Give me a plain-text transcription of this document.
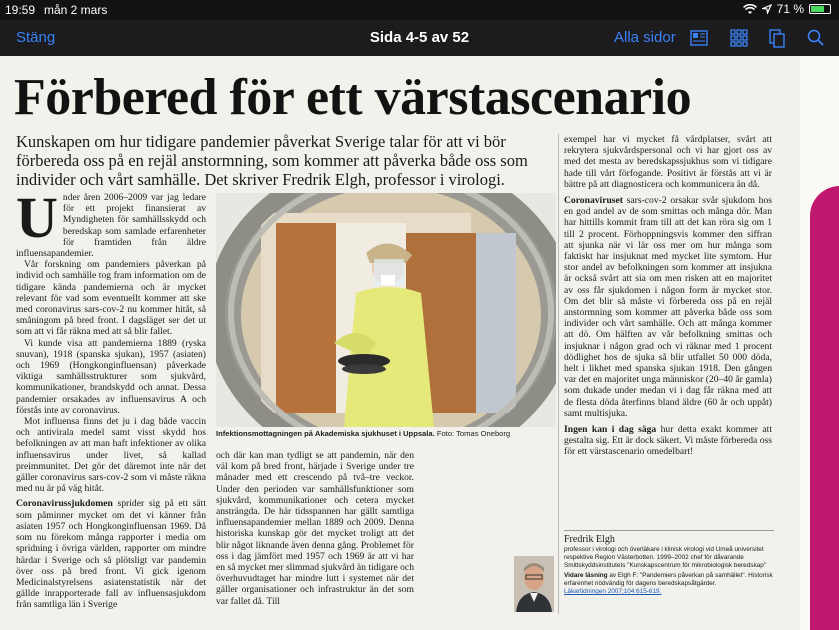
19:59 mån 2 mars	71 %
Stäng	Sida 4-5 av 52	Alla sidor
Förbered för ett värstascenario
Kunskapen om hur tidigare pandemier påverkat Sverige talar för att vi bör förbereda oss på en rejäl anstormning, som kommer att påverka både oss som individer och vårt samhälle. Det skriver Fredrik Elgh, professor i virologi.
U nder åren 2006–2009 var jag ledare för ett projekt finansierat av Myndigheten för samhällsskydd och beredskap som samlade erfarenheter för framtiden från äldre influensapandemier.

Vår forskning om pandemiers påverkan på individ och samhälle tog fram information om de tidigare kända pandemierna och är mycket relevant för vad som eventuellt kommer att ske med coronavirus sars-cov-2 nu kommer hitåt, så småningom på bred front. I dagsläget ser det ut som att vi får räkna med att så blir fallet.

Vi kunde visa att pandemierna 1889 (ryska snuvan), 1918 (spanska sjukan), 1957 (asiaten) och 1969 (Hongkonginfluensan) påverkade viktiga samhällsstrukturer som sjukvård, kommunikationer, brandskydd och annat. Dessa pandemier orsakades av influensavirus A och förstås inte av coronavirus.

Mot influensa finns det ju i dag både vaccin och antivirala medel samt visst skydd hos befolkningen av att man haft infektioner av olika influensavirus under livet, så kallad preimmunitet. Det gör det däremot inte när det gäller coronavirus sars-cov-2 som vi måste räkna med nu är på väg hitåt.

Coronavirussjukdomen sprider sig på ett sätt som påminner mycket om det vi känner från asiaten 1957 och Hongkonginfluensan 1969. Då som nu förekom många rapporter i media om spridning i övriga världen, rapporter om mindre härdar i Sverige och så plötsligt var pandemin över oss på bred front. Vi gick igenom Medicinalstyrelsens asiatenstatistik när det gällde inrapporterade fall av influensasjukdom från samtliga län i Sverige

Infektionsmottagningen på Akademiska sjukhuset i Uppsala. Foto: Tomas Oneborg

och där kan man tydligt se att pandemin, när den väl kom på bred front, härjade i Sverige under tre månader med ett crescendo på två–tre veckor. Under den perioden var samhällsfunktioner som sjukvård, kommunikationer och cetera mycket ansträngda. De här tidsspannen har gällt samtliga influensapandemier mellan 1889 och 2009. Denna historiska kunskap gör det mycket troligt att det blir något liknande även denna gång. Problemet för oss i dag jämfört med 1957 och 1969 är att vi har en så mycket mer slimmad sjukvård än tidigare och överhuvudtaget har mindre lutt i systemet när det gäller organisationer och infrastruktur än det som var fallet då. Till

exempel har vi mycket få vårdplatser, svårt att rekrytera sjukvårdspersonal och vi har gjort oss av med det mesta av beredskapssjukhus som vi tidigare hade till vårt förfogande. Positivt är förstås att vi är bättre på att diagnosticera och kommunicera än då.

Coronaviruset sars-cov-2 orsakar svår sjukdom hos en god andel av de som smittas och många dör. Man har hittills kommit fram till att det kan röra sig om 1 till 2 procent. Förhoppningsvis kommer den siffran att sjunka när vi lär oss mer om hur många som faktiskt har insjuknat med mycket lite symtom. Hur stor andel av befolkningen som kommer att insjukna är också svårt att sia om men risken att en majoritet av oss får sjukdomen i någon form är mycket stor. Om det blir så måste vi förbereda oss på en rejäl anstormning som kommer att påverka både oss som individer och vårt samhälle. Och att många kommer att dö. Om hälften av vår befolkning smittas och insjuknar i någon grad och vi räknar med 1 procent dödlighet hos de sjuka så blir utfallet 50 000 döda, helt i likhet med spanska sjukan 1918. Den gången var det en majoritet unga människor (20–40 år gamla) som dukade under medan vi i dag får räkna med att de flesta döda återfinns bland äldre (60 år och uppåt) samt multisjuka.

Ingen kan i dag säga hur detta exakt kommer att gestalta sig. Ett är dock säkert. Vi måste förbereda oss för ett värstascenario omedelbart!

Fredrik Elgh
professor i virologi och överläkare i klinisk virologi vid Umeå universitet respektive Region Västerbotten. 1999–2002 chef för dåvarande Smittskyddsinstitutets "Kunskapscentrum för mikrobiologisk beredskap"
Vidare läsning av Elgh F: "Pandemiers påverkan på samhället". Historisk erfarenhet nödvändig för dagens beredskapsåtgärder.
Läkartidningen 2007;104:615-619.
